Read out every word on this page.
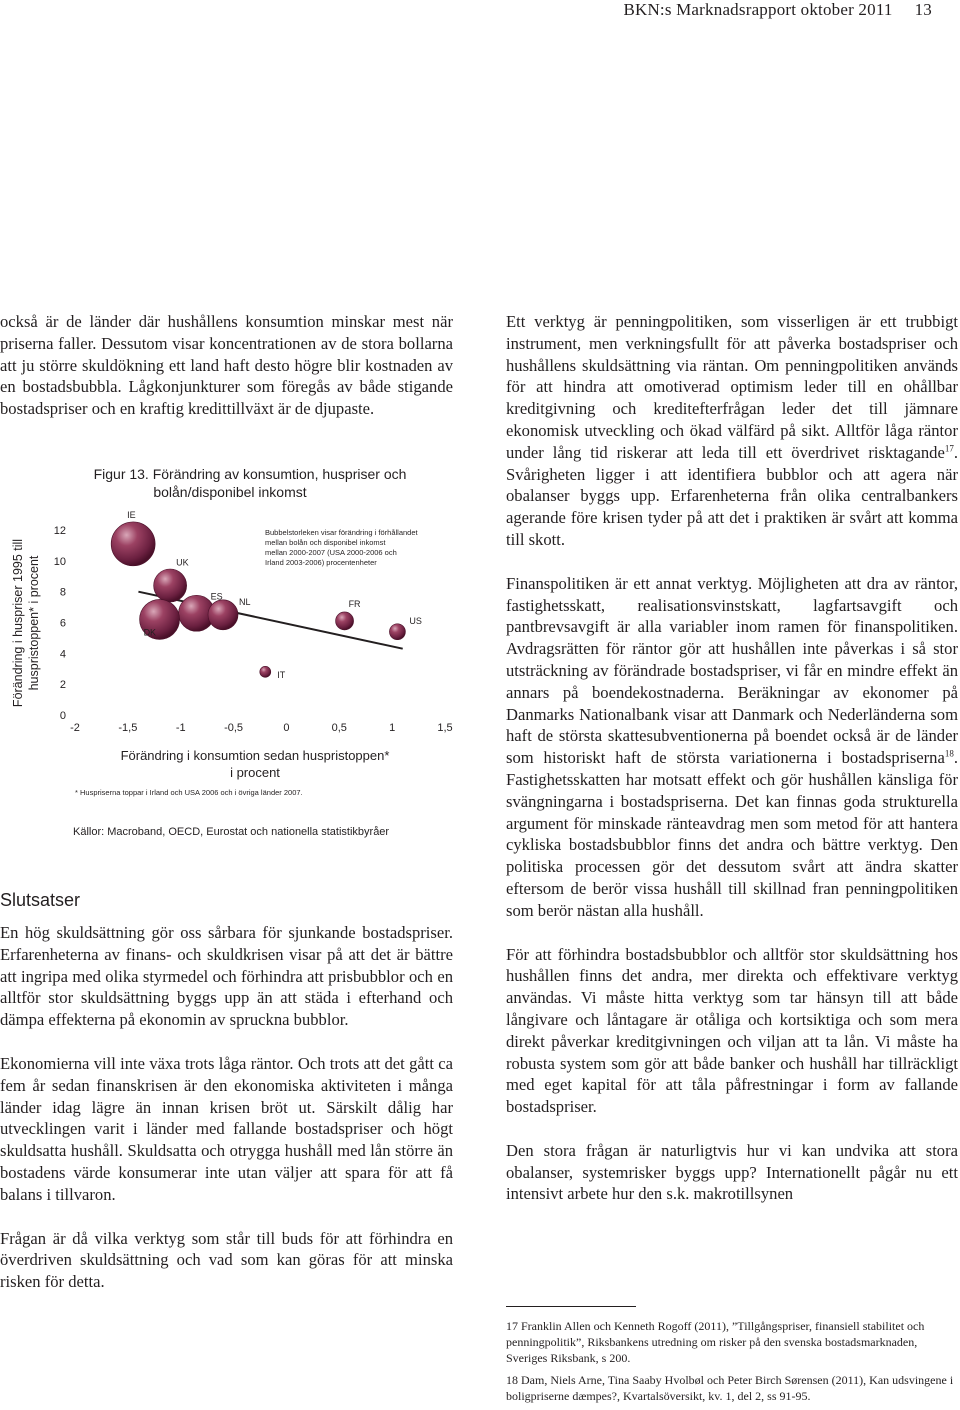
BKN:s Marknadsrapport oktober 2011 13

också är de länder där hushållens konsumtion minskar mest när priserna faller. Dessutom visar koncentrationen av de stora bollarna att ju större skuldökning ett land haft desto högre blir kostnaden av en bostadsbubbla. Lågkonjunkturer som föregås av både stigande bostadspriser och en kraftig kredittillväxt är de djupaste.

Figur 13. Förändring av konsumtion, huspriser och
bolån/disponibel inkomst
Förändring i huspriser 1995 till huspristoppen* i procent
0
2
4
6
8
10
12
-2	-1,5	-1	-0,5	0	0,5	1	1,5
IE
UK
ES
DK
NL	FR
US
IT
Bubbelstorleken visar förändring i förhållandet
mellan bolån och disponibel inkomst
mellan 2000-2007 (USA 2000-2006 och
Irland 2003-2006) procentenheter
Förändring i konsumtion sedan huspristoppen*
i procent
* Huspriserna toppar i Irland och USA 2006 och i övriga länder 2007.
Källor: Macroband, OECD, Eurostat och nationella statistikbyråer
Slutsatser

En hög skuldsättning gör oss sårbara för sjunkande bostadspriser. Erfarenheterna av finans- och skuldkrisen visar på att det är bättre att ingripa med olika styrmedel och förhindra att prisbubblor och en alltför stor skuldsättning byggs upp än att städa i efterhand och dämpa effekterna på ekonomin av spruckna bubblor.

Ekonomierna vill inte växa trots låga räntor. Och trots att det gått ca fem år sedan finanskrisen är den ekonomiska aktiviteten i många länder idag lägre än innan krisen bröt ut. Särskilt dålig har utvecklingen varit i länder med fallande bostadspriser och högt skuldsatta hushåll. Skuldsatta och otrygga hushåll med lån större än bostadens värde konsumerar inte utan väljer att spara för att få balans i tillvaron.

Frågan är då vilka verktyg som står till buds för att förhindra en överdriven skuldsättning och vad som kan göras för att minska risken för detta.

Ett verktyg är penningpolitiken, som visserligen är ett trubbigt instrument, men verkningsfullt för att påverka bostadspriser och hushållens skuldsättning via räntan. Om penningpolitiken används för att hindra att omotiverad optimism leder till en ohållbar kreditgivning och kreditefterfrågan leder det till jämnare ekonomisk utveckling och ökad välfärd på sikt. Alltför låga räntor under lång tid riskerar att leda till ett överdrivet risktagande$^{17}$. Svårigheten ligger i att identifiera bubblor och att agera när obalanser byggs upp. Erfarenheterna från olika centralbankers agerande före krisen tyder på att det i praktiken är svårt att komma till skott.

Finanspolitiken är ett annat verktyg. Möjligheten att dra av räntor, fastighetsskatt, realisationsvinstskatt, lagfartsavgift och pantbrevsavgift är alla variabler inom ramen för finanspolitiken. Avdragsrätten för räntor gör att hushållen inte påverkas i så stor utsträckning av förändrade bostadspriser, vi får en mindre effekt än annars på boendekostnaderna. Beräkningar av ekonomer på Danmarks Nationalbank visar att Danmark och Nederländerna som haft de största skattesubventionerna på boendet också är de länder som historiskt haft de största variationerna i bostadspriserna$^{18}$. Fastighetsskatten har motsatt effekt och gör hushållen känsliga för svängningarna i bostadspriserna. Det kan finnas goda strukturella argument för minskade ränteavdrag men som metod för att hantera cykliska bostadsbubblor finns det andra och bättre verktyg. Den politiska processen gör det dessutom svårt att ändra skatter eftersom de berör vissa hushåll till skillnad fran penningpolitiken som berör nästan alla hushåll.

För att förhindra bostadsbubblor och alltför stor skuldsättning hos hushållen finns det andra, mer direkta och effektivare verktyg användas. Vi måste hitta verktyg som tar hänsyn till att både långivare och låntagare är otåliga och kortsiktiga och som mera direkt påverkar kreditgivningen och viljan att ta lån. Vi måste ha robusta system som gör att både banker och hushåll har tillräckligt med eget kapital för att tåla påfrestningar i form av fallande bostadspriser.

Den stora frågan är naturligtvis hur vi kan undvika att stora obalanser, systemrisker byggs upp? Internationellt pågår nu ett intensivt arbete hur den s.k. makrotillsynen

17 Franklin Allen och Kenneth Rogoff (2011), ”Tillgångspriser, finansiell stabilitet och penningpolitik”, Riksbankens utredning om risker på den svenska bostadsmarknaden, Sveriges Riksbank, s 200.

18 Dam, Niels Arne, Tina Saaby Hvolbøl och Peter Birch Sørensen (2011), Kan udsvingene i boligpriserne dæmpes?, Kvartalsöversikt, kv. 1, del 2, ss 91-95.
